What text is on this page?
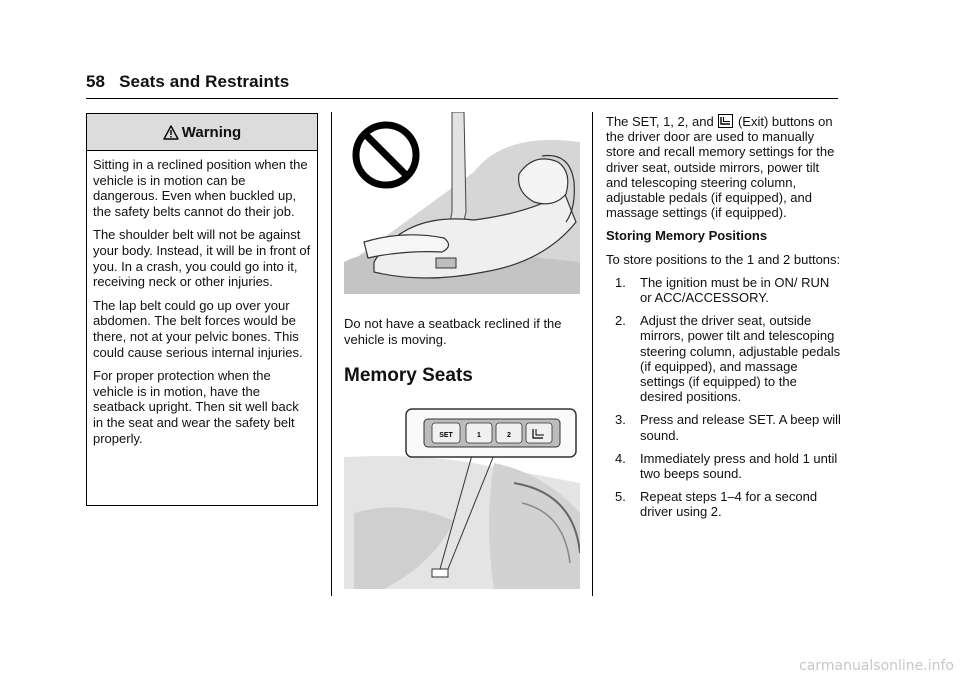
58 Seats and Restraints
Warning

Sitting in a reclined position when the vehicle is in motion can be dangerous. Even when buckled up, the safety belts cannot do their job.

The shoulder belt will not be against your body. Instead, it will be in front of you. In a crash, you could go into it, receiving neck or other injuries.

The lap belt could go up over your abdomen. The belt forces would be there, not at your pelvic bones. This could cause serious internal injuries.

For proper protection when the vehicle is in motion, have the seatback upright. Then sit well back in the seat and wear the safety belt properly.

Do not have a seatback reclined if the vehicle is moving.

Memory Seats
SET	1	2

The SET, 1, 2, and (Exit) buttons on the driver door are used to manually store and recall memory settings for the driver seat, outside mirrors, power tilt and telescoping steering column, adjustable pedals (if equipped), and massage settings (if equipped).

Storing Memory Positions

To store positions to the 1 and 2 buttons:

1. The ignition must be in ON/ RUN or ACC/ACCESSORY.
2. Adjust the driver seat, outside mirrors, power tilt and telescoping steering column, adjustable pedals (if equipped), and massage settings (if equipped) to the desired positions.
3. Press and release SET. A beep will sound.
4. Immediately press and hold 1 until two beeps sound.
5. Repeat steps 1–4 for a second driver using 2.
carmanualsonline.info
